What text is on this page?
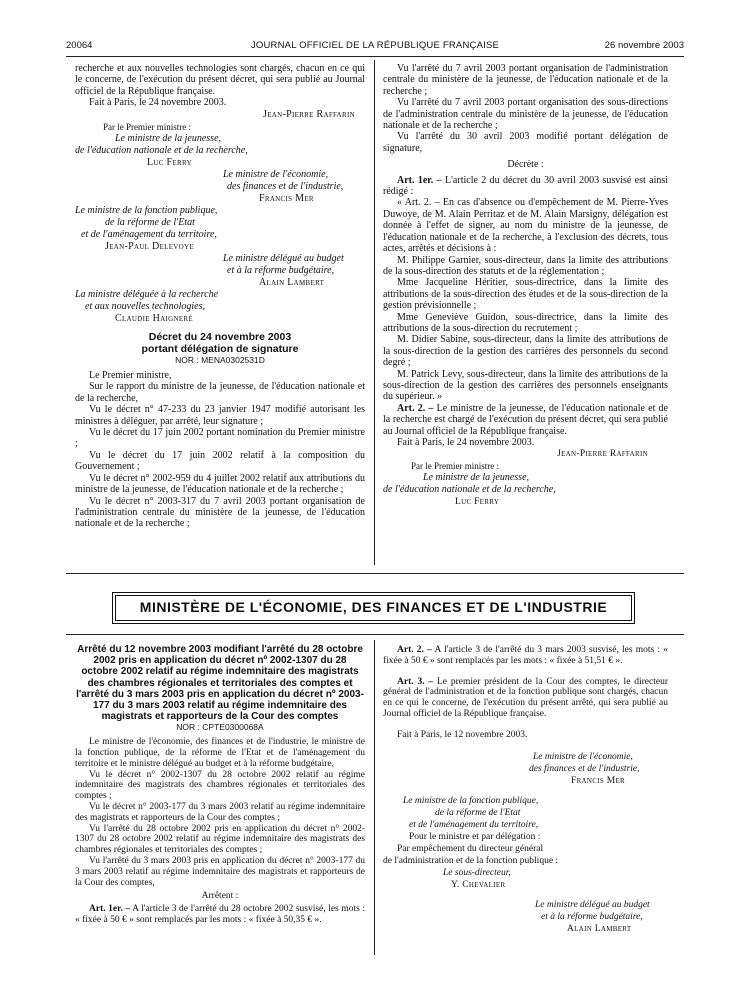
20064	JOURNAL OFFICIEL DE LA RÉPUBLIQUE FRANÇAISE	26 novembre 2003

recherche et aux nouvelles technologies sont chargés, chacun en ce qui le concerne, de l'exécution du présent décret, qui sera publié au Journal officiel de la République française.

Fait à Paris, le 24 novembre 2003.

Jean-Pierre Raffarin

Par le Premier ministre :

Le ministre de la jeunesse,

de l'éducation nationale et de la recherche,

Luc Ferry

Le ministre de l'économie,

des finances et de l'industrie,

Francis Mer

Le ministre de la fonction publique,

de la réforme de l'Etat

et de l'aménagement du territoire,

Jean-Paul Delevoye

Le ministre délégué au budget

et à la réforme budgétaire,

Alain Lambert

La ministre déléguée à la recherche

et aux nouvelles technologies,

Claudie Haigneré

Décret du 24 novembre 2003

portant délégation de signature

NOR : MENA0302531D

Le Premier ministre,

Sur le rapport du ministre de la jeunesse, de l'éducation nationale et de la recherche,

Vu le décret n° 47-233 du 23 janvier 1947 modifié autorisant les ministres à déléguer, par arrêté, leur signature ;

Vu le décret du 17 juin 2002 portant nomination du Premier ministre ;

Vu le décret du 17 juin 2002 relatif à la composition du Gouvernement ;

Vu le décret n° 2002-959 du 4 juillet 2002 relatif aux attributions du ministre de la jeunesse, de l'éducation nationale et de la recherche ;

Vu le décret n° 2003-317 du 7 avril 2003 portant organisation de l'administration centrale du ministère de la jeunesse, de l'éducation nationale et de la recherche ;

Vu l'arrêté du 7 avril 2003 portant organisation de l'administration centrale du ministère de la jeunesse, de l'éducation nationale et de la recherche ;

Vu l'arrêté du 7 avril 2003 portant organisation des sous-directions de l'administration centrale du ministère de la jeunesse, de l'éducation nationale et de la recherche ;

Vu l'arrêté du 30 avril 2003 modifié portant délégation de signature,

Décrète :

Art. 1er. – L'article 2 du décret du 30 avril 2003 susvisé est ainsi rédigé :

« Art. 2. – En cas d'absence ou d'empêchement de M. Pierre-Yves Duwoye, de M. Alain Perritaz et de M. Alain Marsigny, délégation est donnée à l'effet de signer, au nom du ministre de la jeunesse, de l'éducation nationale et de la recherche, à l'exclusion des décrets, tous actes, arrêtés et décisions à :

M. Philippe Garnier, sous-directeur, dans la limite des attributions de la sous-direction des statuts et de la réglementation ;

Mme Jacqueline Héritier, sous-directrice, dans la limite des attributions de la sous-direction des études et de la sous-direction de la gestion prévisionnelle ;

Mme Geneviève Guidon, sous-directrice, dans la limite des attributions de la sous-direction du recrutement ;

M. Didier Sabine, sous-directeur, dans la limite des attributions de la sous-direction de la gestion des carrières des personnels du second degré ;

M. Patrick Levy, sous-directeur, dans la limite des attributions de la sous-direction de la gestion des carrières des personnels enseignants du supérieur. »

Art. 2. – Le ministre de la jeunesse, de l'éducation nationale et de la recherche est chargé de l'exécution du présent décret, qui sera publié au Journal officiel de la République française.

Fait à Paris, le 24 novembre 2003.

Jean-Pierre Raffarin

Par le Premier ministre :

Le ministre de la jeunesse,

de l'éducation nationale et de la recherche,

Luc Ferry

MINISTÈRE DE L'ÉCONOMIE, DES FINANCES ET DE L'INDUSTRIE

Arrêté du 12 novembre 2003 modifiant l'arrêté du 28 octobre 2002 pris en application du décret nº 2002-1307 du 28 octobre 2002 relatif au régime indemnitaire des magistrats des chambres régionales et territoriales des comptes et l'arrêté du 3 mars 2003 pris en application du décret nº 2003-177 du 3 mars 2003 relatif au régime indemnitaire des magistrats et rapporteurs de la Cour des comptes

NOR : CPTE0300068A

Le ministre de l'économie, des finances et de l'industrie, le ministre de la fonction publique, de la réforme de l'Etat et de l'aménagement du territoire et le ministre délégué au budget et à la réforme budgétaire,

Vu le décret n° 2002-1307 du 28 octobre 2002 relatif au régime indemnitaire des magistrats des chambres régionales et territoriales des comptes ;

Vu le décret n° 2003-177 du 3 mars 2003 relatif au régime indemnitaire des magistrats et rapporteurs de la Cour des comptes ;

Vu l'arrêté du 28 octobre 2002 pris en application du décret n° 2002-1307 du 28 octobre 2002 relatif au régime indemnitaire des magistrats des chambres régionales et territoriales des comptes ;

Vu l'arrêté du 3 mars 2003 pris en application du décret n° 2003-177 du 3 mars 2003 relatif au régime indemnitaire des magistrats et rapporteurs de la Cour des comptes,

Arrêtent :

Art. 1er. – A l'article 3 de l'arrêté du 28 octobre 2002 susvisé, les mots : « fixée à 50 € » sont remplacés par les mots : « fixée à 50,35 € ».

Art. 2. – A l'article 3 de l'arrêté du 3 mars 2003 susvisé, les mots : « fixée à 50 € » sont remplacés par les mots : « fixée à 51,51 € ».

Art. 3. – Le premier président de la Cour des comptes, le directeur général de l'administration et de la fonction publique sont chargés, chacun en ce qui le concerne, de l'exécution du présent arrêté, qui sera publié au Journal officiel de la République française.

Fait à Paris, le 12 novembre 2003.

Le ministre de l'économie,

des finances et de l'industrie,

Francis Mer

Le ministre de la fonction publique,

de la réforme de l'Etat

et de l'aménagement du territoire,

Pour le ministre et par délégation :

Par empêchement du directeur général

de l'administration et de la fonction publique :

Le sous-directeur,

Y. Chevalier

Le ministre délégué au budget

et à la réforme budgétaire,

Alain Lambert
